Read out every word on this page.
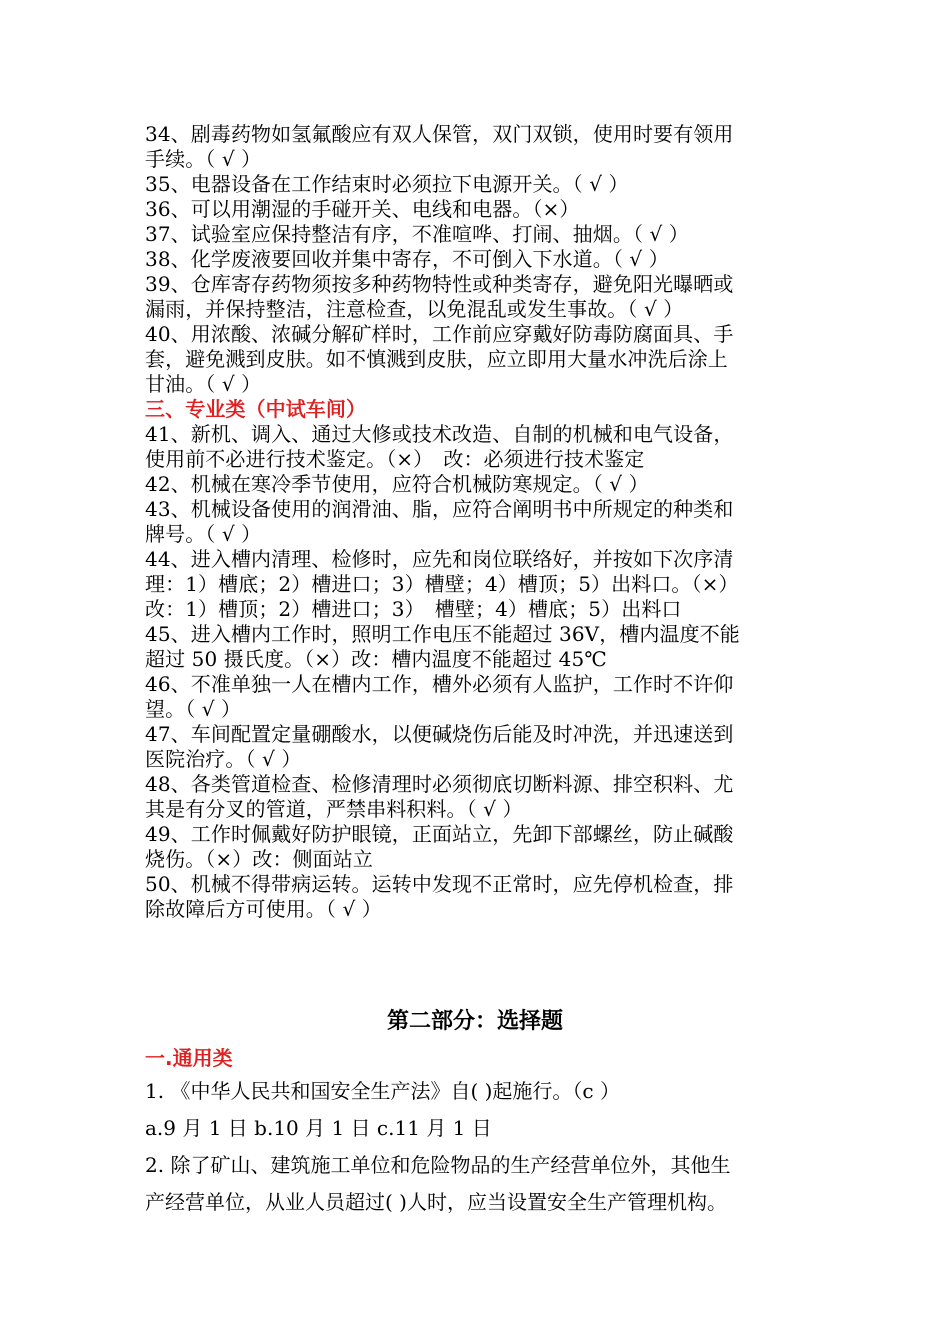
34、剧毒药物如氢氟酸应有双人保管，双门双锁，使用时要有领用
手续。（ √ ）
35、电器设备在工作结束时必须拉下电源开关。（ √ ）
36、可以用潮湿的手碰开关、电线和电器。（×）
37、试验室应保持整洁有序，不准喧哗、打闹、抽烟。（ √ ）
38、化学废液要回收并集中寄存，不可倒入下水道。（ √ ）
39、仓库寄存药物须按多种药物特性或种类寄存，避免阳光曝晒或
漏雨，并保持整洁，注意检查，以免混乱或发生事故。（ √ ）
40、用浓酸、浓碱分解矿样时，工作前应穿戴好防毒防腐面具、手
套，避免溅到皮肤。如不慎溅到皮肤，应立即用大量水冲洗后涂上
甘油。（ √ ）
三、专业类（中试车间）
41、新机、调入、通过大修或技术改造、自制的机械和电气设备，
使用前不必进行技术鉴定。（×）　改：必须进行技术鉴定
42、机械在寒冷季节使用，应符合机械防寒规定。（ √ ）
43、机械设备使用的润滑油、脂，应符合阐明书中所规定的种类和
牌号。（ √ ）
44、进入槽内清理、检修时，应先和岗位联络好，并按如下次序清
理：1）槽底；2）槽进口；3）槽壁；4）槽顶；5）出料口。（×）
改：1）槽顶；2）槽进口；3）　槽壁；4）槽底；5）出料口
45、进入槽内工作时，照明工作电压不能超过 36V，槽内温度不能
超过 50 摄氏度。（×）改：槽内温度不能超过 45℃
46、不准单独一人在槽内工作，槽外必须有人监护，工作时不许仰
望。（ √ ）
47、车间配置定量硼酸水，以便碱烧伤后能及时冲洗，并迅速送到
医院治疗。（ √ ）
48、各类管道检查、检修清理时必须彻底切断料源、排空积料、尤
其是有分叉的管道，严禁串料积料。（ √ ）
49、工作时佩戴好防护眼镜，正面站立，先卸下部螺丝，防止碱酸
烧伤。（×）改：侧面站立
50、机械不得带病运转。运转中发现不正常时，应先停机检查，排
除故障后方可使用。（ √ ）
第二部分：选择题
一.通用类
1. 《中华人民共和国安全生产法》自( )起施行。（c ）
a.9 月 1 日 b.10 月 1 日 c.11 月 1 日
2. 除了矿山、建筑施工单位和危险物品的生产经营单位外，其他生
产经营单位，从业人员超过( )人时，应当设置安全生产管理机构。
